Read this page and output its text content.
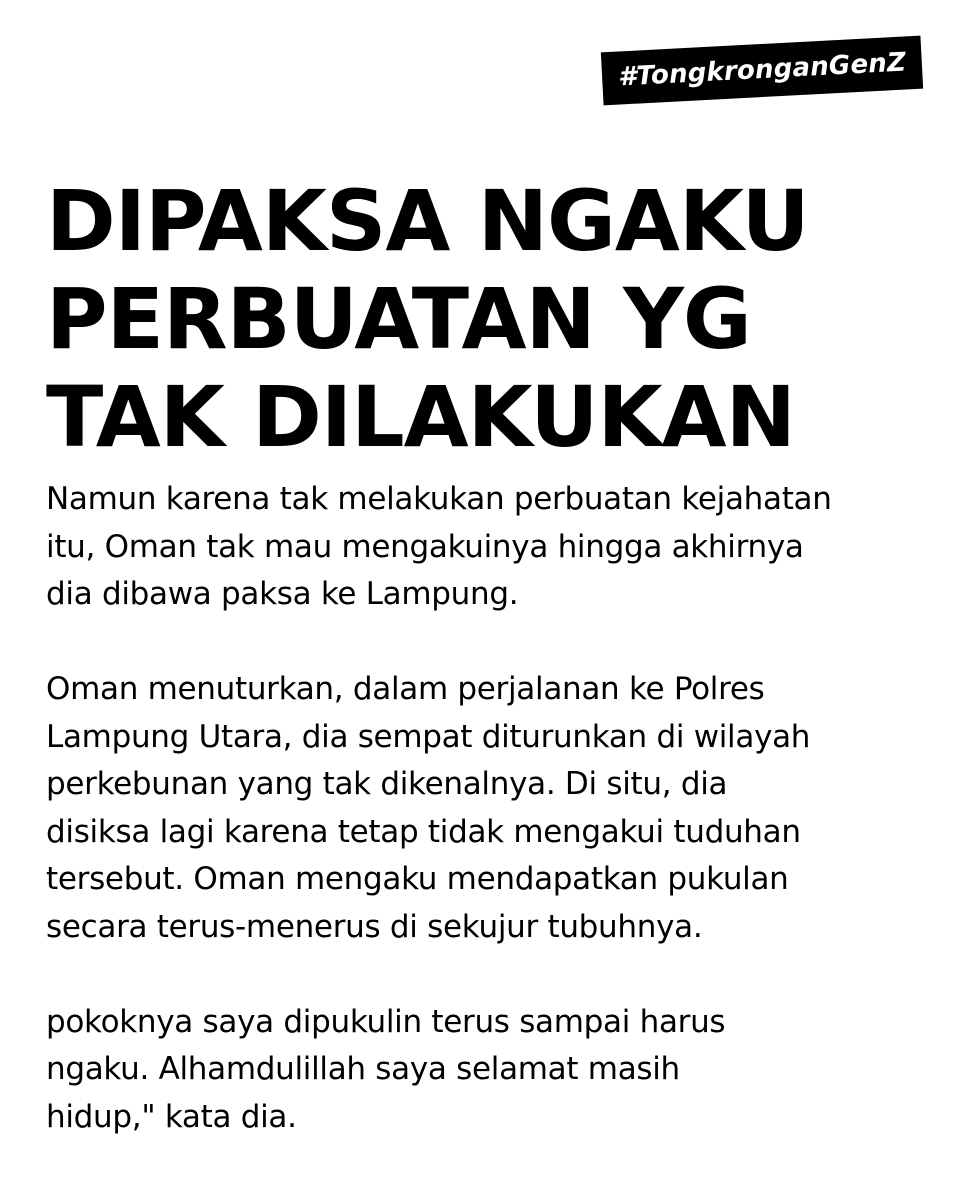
#TongkronganGenZ
DIPAKSA NGAKU
PERBUATAN YG
TAK DILAKUKAN

Namun karena tak melakukan perbuatan kejahatan
itu, Oman tak mau mengakuinya hingga akhirnya
dia dibawa paksa ke Lampung.

Oman menuturkan, dalam perjalanan ke Polres
Lampung Utara, dia sempat diturunkan di wilayah
perkebunan yang tak dikenalnya. Di situ, dia
disiksa lagi karena tetap tidak mengakui tuduhan
tersebut. Oman mengaku mendapatkan pukulan
secara terus-menerus di sekujur tubuhnya.

pokoknya saya dipukulin terus sampai harus
ngaku. Alhamdulillah saya selamat masih
hidup," kata dia.
